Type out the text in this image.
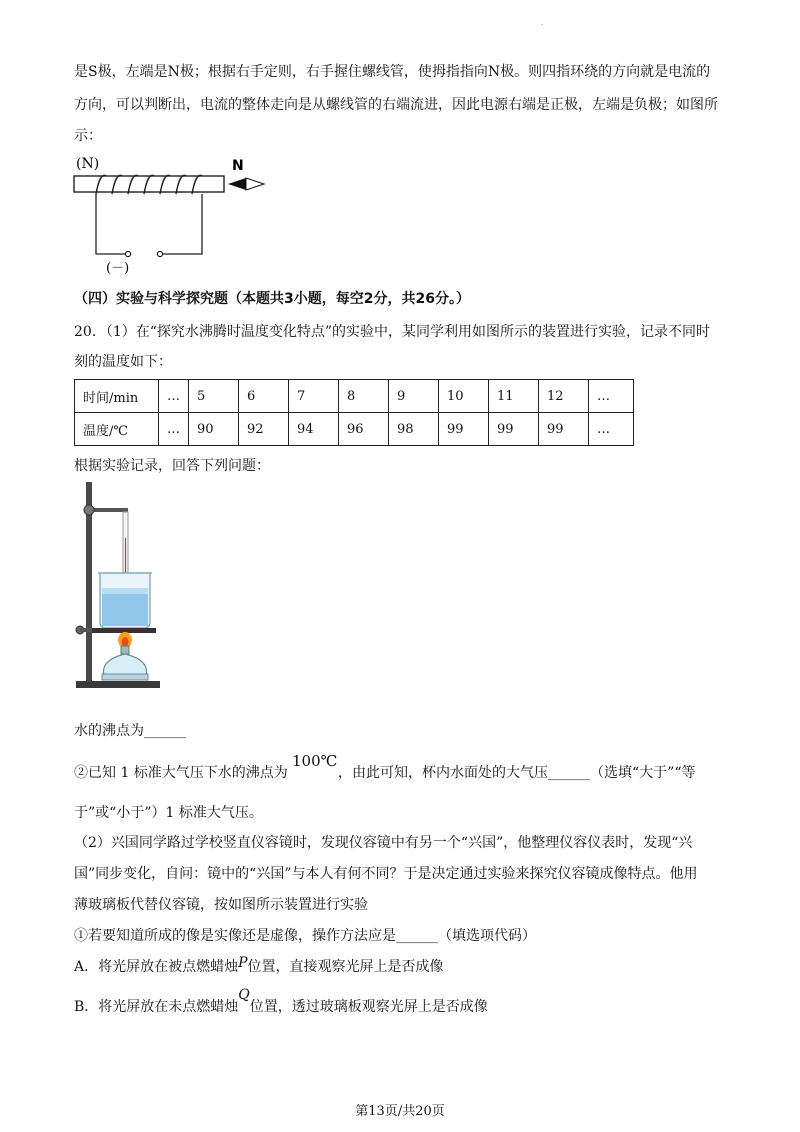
.
是S极，左端是N极；根据右手定则，右手握住螺线管，使拇指指向N极。则四指环绕的方向就是电流的
方向，可以判断出，电流的整体走向是从螺线管的右端流进，因此电源右端是正极，左端是负极；如图所
示：
(N)	N
(－)
（四）实验与科学探究题（本题共3小题，每空2分，共26分。）
20．（1）在“探究水沸腾时温度变化特点”的实验中，某同学利用如图所示的装置进行实验，记录不同时
刻的温度如下：
时间/min	…	5	6	7	8	9	10	11	12	…
温度/℃	…	90	92	94	96	98	99	99	99	…
根据实验记录，回答下列问题：
水的沸点为______
②已知 1 标准大气压下水的沸点为
100℃
，由此可知，杯内水面处的大气压______（选填“大于”“等
于”或“小于”）1 标准大气压。
（2）兴国同学路过学校竖直仪容镜时，发现仪容镜中有另一个“兴国”，他整理仪容仪表时，发现“兴
国”同步变化，自问：镜中的“兴国”与本人有何不同？于是决定通过实验来探究仪容镜成像特点。他用
薄玻璃板代替仪容镜，按如图所示装置进行实验
①若要知道所成的像是实像还是虚像，操作方法应是______（填选项代码）
A．将光屏放在被点燃蜡烛P位置，直接观察光屏上是否成像
B．将光屏放在未点燃蜡烛Q位置，透过玻璃板观察光屏上是否成像
第13页/共20页
